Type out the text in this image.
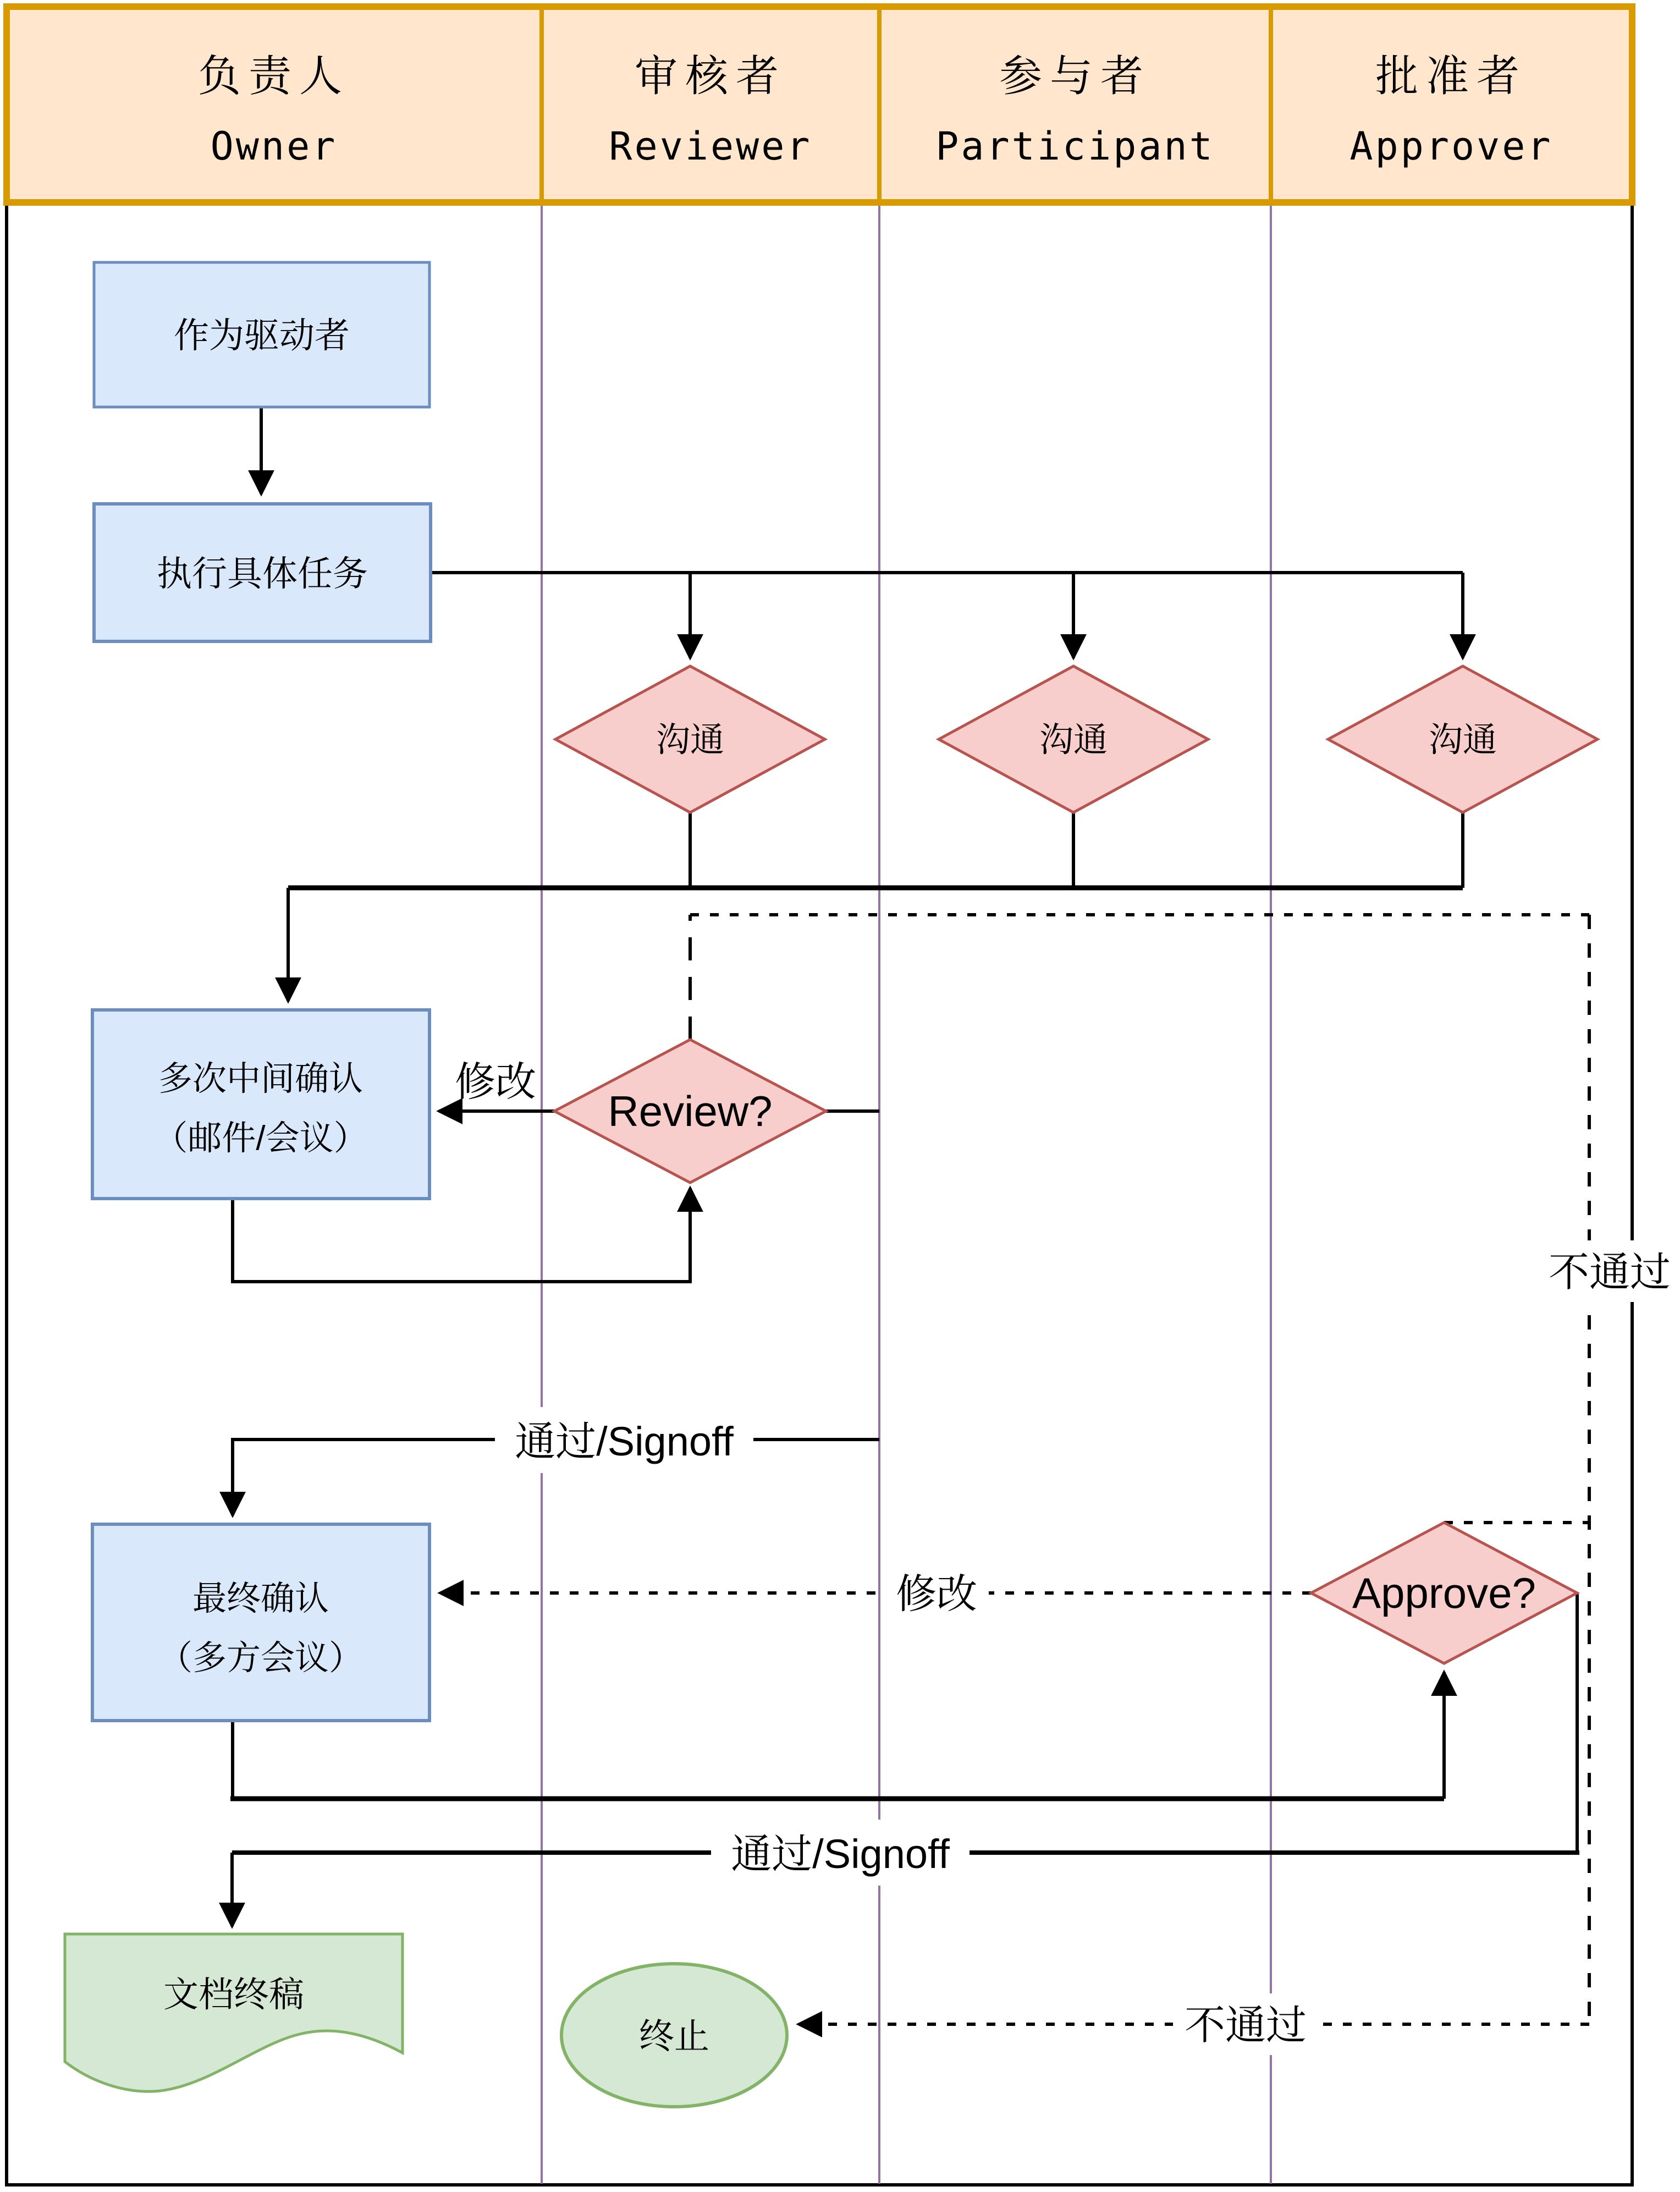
负责人
Owner
审核者
Reviewer
参与者
Participant
批准者
Approver
作为驱动者
执行具体任务
沟通	沟通	沟通
多次中间确认
（邮件/会议）
Review?
最终确认
（多方会议）
Approve?
文档终稿
终止
修改
通过/Signoff
修改
不通过
通过/Signoff
不通过
